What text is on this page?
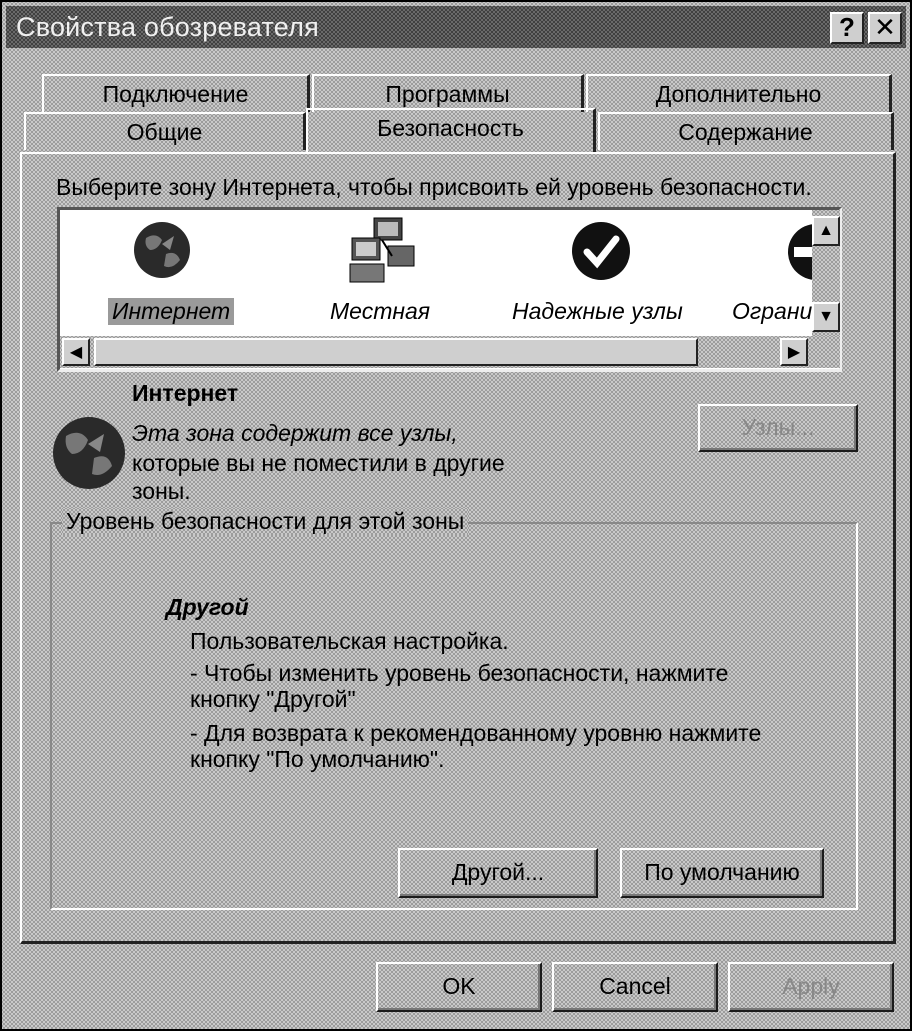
Свойства обозревателя	? ✕
Подключение	Программы	Дополнительно
Общие	Безопасность	Содержание
Выберите зону Интернета, чтобы присвоить ей уровень безопасности.
Интернет	Местная	Надежные узлы Ограни
▲
▼
◀	▶
Интернет
Эта зона содержит все узлы,
которые вы не поместили в другие
зоны.
Узлы...
Уровень безопасности для этой зоны
Другой
Пользовательская настройка.
- Чтобы изменить уровень безопасности, нажмите
кнопку "Другой"
- Для возврата к рекомендованному уровню нажмите
кнопку "По умолчанию".
Другой...	По умолчанию
OK	Cancel	Apply
